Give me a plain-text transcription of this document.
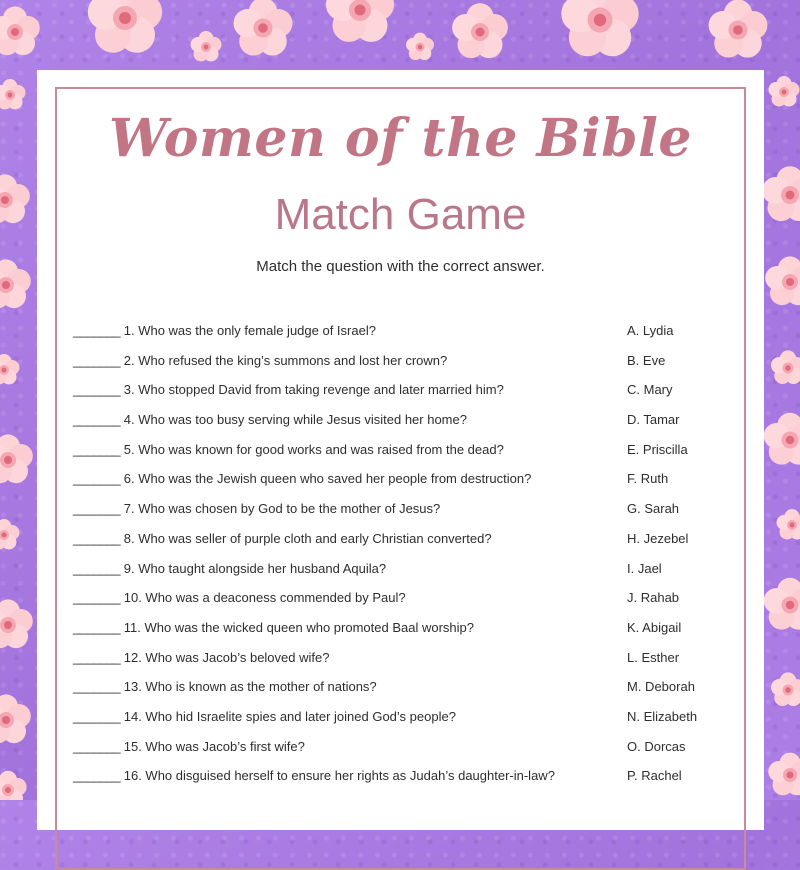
Women of the Bible
Match Game
Match the question with the correct answer.
_______ 1. Who was the only female judge of Israel?
_______ 2. Who refused the king’s summons and lost her crown?
_______ 3. Who stopped David from taking revenge and later married him?
_______ 4. Who was too busy serving while Jesus visited her home?
_______ 5. Who was known for good works and was raised from the dead?
_______ 6. Who was the Jewish queen who saved her people from destruction?
_______ 7. Who was chosen by God to be the mother of Jesus?
_______ 8. Who was seller of purple cloth and early Christian converted?
_______ 9. Who taught alongside her husband Aquila?
_______ 10. Who was a deaconess commended by Paul?
_______ 11. Who was the wicked queen who promoted Baal worship?
_______ 12. Who was Jacob’s beloved wife?
_______ 13. Who is known as the mother of nations?
_______ 14. Who hid Israelite spies and later joined God’s people?
_______ 15. Who was Jacob’s first wife?
_______ 16. Who disguised herself to ensure her rights as Judah’s daughter-in-law?
A. Lydia
B. Eve
C. Mary
D. Tamar
E. Priscilla
F. Ruth
G. Sarah
H. Jezebel
I. Jael
J. Rahab
K. Abigail
L. Esther
M. Deborah
N. Elizabeth
O. Dorcas
P. Rachel
